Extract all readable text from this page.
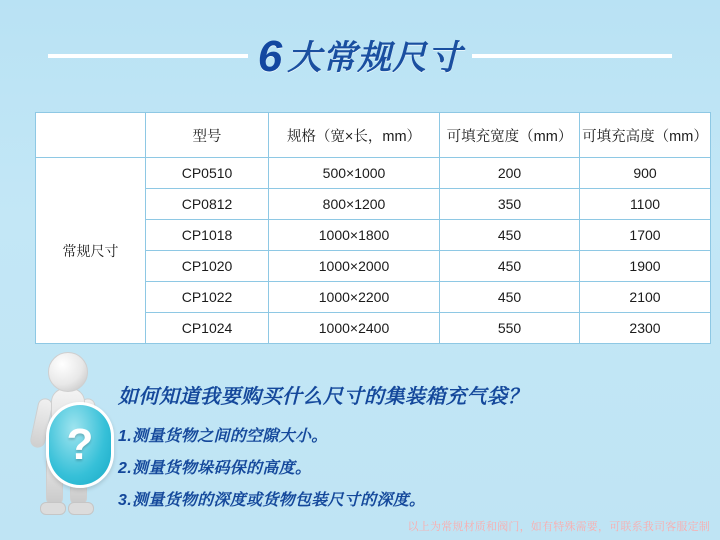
6 大常规尺寸
	型号	规格（宽×长，mm）	可填充宽度（mm）	可填充高度（mm）
常规尺寸	CP0510	500×1000	200	900
	CP0812	800×1200	350	1100
	CP1018	1000×1800	450	1700
	CP1020	1000×2000	450	1900
	CP1022	1000×2200	450	2100
	CP1024	1000×2400	550	2300
?
如何知道我要购买什么尺寸的集装箱充气袋？
1.测量货物之间的空隙大小。
2.测量货物垛码保的高度。
3.测量货物的深度或货物包装尺寸的深度。
以上为常规材质和阀门，如有特殊需要，可联系我司客服定制
